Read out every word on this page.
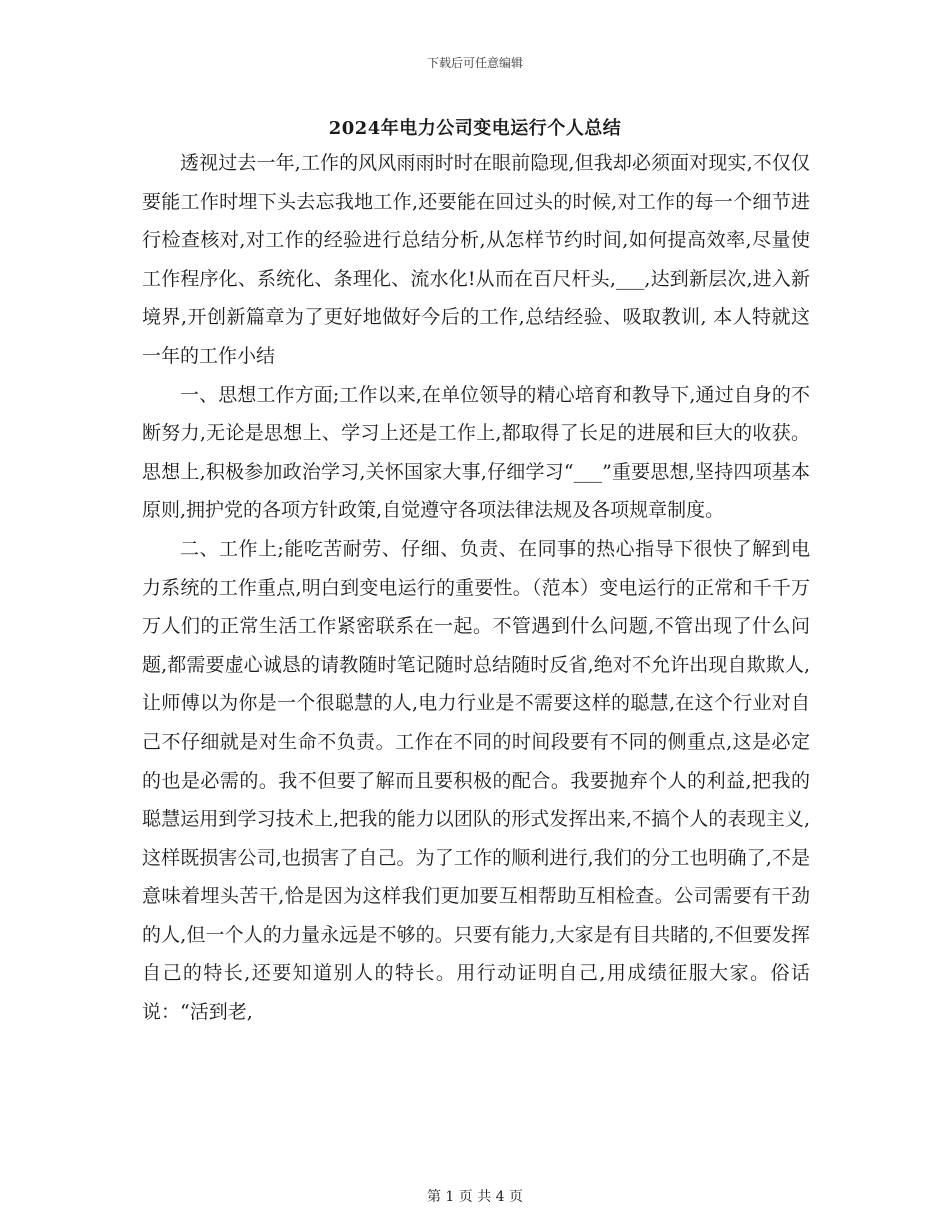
下载后可任意编辑
2024年电力公司变电运行个人总结

透视过去一年,工作的风风雨雨时时在眼前隐现,但我却必须面对现实,不仅仅要能工作时埋下头去忘我地工作,还要能在回过头的时候,对工作的每一个细节进行检查核对,对工作的经验进行总结分析,从怎样节约时间,如何提高效率,尽量使工作程序化、系统化、条理化、流水化!从而在百尺杆头,___,达到新层次,进入新境界,开创新篇章为了更好地做好今后的工作,总结经验、吸取教训, 本人特就这一年的工作小结

一、思想工作方面;工作以来,在单位领导的精心培育和教导下,通过自身的不断努力,无论是思想上、学习上还是工作上,都取得了长足的进展和巨大的收获。思想上,积极参加政治学习,关怀国家大事,仔细学习“___”重要思想,坚持四项基本原则,拥护党的各项方针政策,自觉遵守各项法律法规及各项规章制度。

二、工作上;能吃苦耐劳、仔细、负责、在同事的热心指导下很快了解到电力系统的工作重点,明白到变电运行的重要性。（范本）变电运行的正常和千千万万人们的正常生活工作紧密联系在一起。不管遇到什么问题,不管出现了什么问题,都需要虚心诚恳的请教随时笔记随时总结随时反省,绝对不允许出现自欺欺人,让师傅以为你是一个很聪慧的人,电力行业是不需要这样的聪慧,在这个行业对自己不仔细就是对生命不负责。工作在不同的时间段要有不同的侧重点,这是必定的也是必需的。我不但要了解而且要积极的配合。我要抛弃个人的利益,把我的聪慧运用到学习技术上,把我的能力以团队的形式发挥出来,不搞个人的表现主义,这样既损害公司,也损害了自己。为了工作的顺利进行,我们的分工也明确了,不是意味着埋头苦干,恰是因为这样我们更加要互相帮助互相检查。公司需要有干劲的人,但一个人的力量永远是不够的。只要有能力,大家是有目共睹的,不但要发挥自己的特长,还要知道别人的特长。用行动证明自己,用成绩征服大家。俗话说：“活到老,

第 1 页 共 4 页
